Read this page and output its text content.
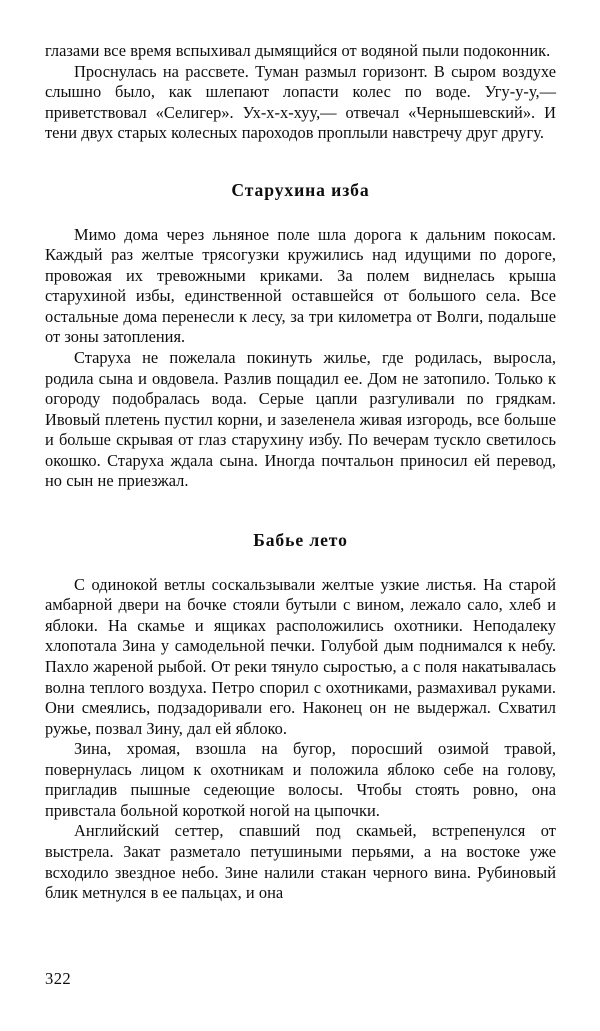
глазами все время вспыхивал дымящийся от водяной пыли подоконник.

Проснулась на рассвете. Туман размыл горизонт. В сыром воздухе слышно было, как шлепают лопасти колес по воде. Угу-у-у,— приветствовал «Селигер». Ух-х-х-хуу,— отвечал «Чернышевский». И тени двух старых колесных пароходов проплыли навстречу друг другу.

Старухина изба

Мимо дома через льняное поле шла дорога к дальним покосам. Каждый раз желтые трясогузки кружились над идущими по дороге, провожая их тревожными криками. За полем виднелась крыша старухиной избы, единственной оставшейся от большого села. Все остальные дома перенесли к лесу, за три километра от Волги, подальше от зоны затопления.

Старуха не пожелала покинуть жилье, где родилась, выросла, родила сына и овдовела. Разлив пощадил ее. Дом не затопило. Только к огороду подобралась вода. Серые цапли разгуливали по грядкам. Ивовый плетень пустил корни, и зазеленела живая изгородь, все больше и больше скрывая от глаз старухину избу. По вечерам тускло светилось окошко. Старуха ждала сына. Иногда почтальон приносил ей перевод, но сын не приезжал.

Бабье лето

С одинокой ветлы соскальзывали желтые узкие листья. На старой амбарной двери на бочке стояли бутыли с вином, лежало сало, хлеб и яблоки. На скамье и ящиках расположились охотники. Неподалеку хлопотала Зина у самодельной печки. Голубой дым поднимался к небу. Пахло жареной рыбой. От реки тянуло сыростью, а с поля накатывалась волна теплого воздуха. Петро спорил с охотниками, размахивал руками. Они смеялись, подзадоривали его. Наконец он не выдержал. Схватил ружье, позвал Зину, дал ей яблоко.

Зина, хромая, взошла на бугор, поросший озимой травой, повернулась лицом к охотникам и положила яблоко себе на голову, пригладив пышные седеющие волосы. Чтобы стоять ровно, она привстала больной короткой ногой на цыпочки.

Английский сеттер, спавший под скамьей, встрепенулся от выстрела. Закат разметало петушиными перьями, а на востоке уже всходило звездное небо. Зине налили стакан черного вина. Рубиновый блик метнулся в ее пальцах, и она

322
